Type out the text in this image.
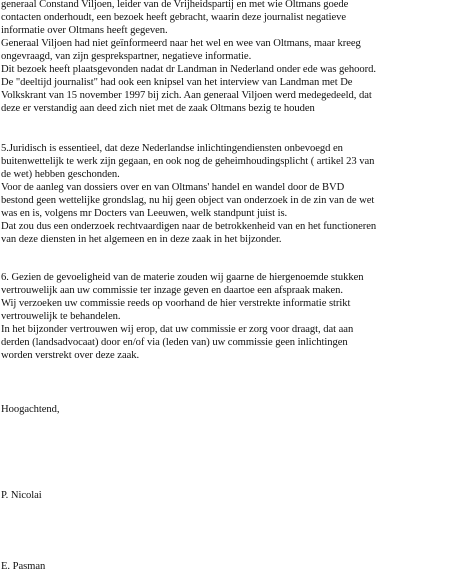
generaal Constand Viljoen, leider van de Vrijheidspartij en met wie Oltmans goede
contacten onderhoudt, een bezoek heeft gebracht, waarin deze journalist negatieve
informatie over Oltmans heeft gegeven.
Generaal Viljoen had niet geïnformeerd naar het wel en wee van Oltmans, maar kreeg
ongevraagd, van zijn gesprekspartner, negatieve informatie.
Dit bezoek heeft plaatsgevonden nadat dr Landman in Nederland onder ede was gehoord.
De "deeltijd journalist" had ook een knipsel van het interview van Landman met De
Volkskrant van 15 november 1997 bij zich. Aan generaal Viljoen werd medegedeeld, dat
deze er verstandig aan deed zich niet met de zaak Oltmans bezig te houden
5.Juridisch is essentieel, dat deze Nederlandse inlichtingendiensten onbevoegd en
buitenwettelijk te werk zijn gegaan, en ook nog de geheimhoudingsplicht ( artikel 23 van
de wet) hebben geschonden.
Voor de aanleg van dossiers over en van Oltmans' handel en wandel door de BVD
bestond geen wettelijke grondslag, nu hij geen object van onderzoek in de zin van de wet
was en is, volgens mr Docters van Leeuwen, welk standpunt juist is.
Dat zou dus een onderzoek rechtvaardigen naar de betrokkenheid van en het functioneren
van deze diensten in het algemeen en in deze zaak in het bijzonder.
6. Gezien de gevoeligheid van de materie zouden wij gaarne de hiergenoemde stukken
vertrouwelijk aan uw commissie ter inzage geven en daartoe een afspraak maken.
Wij verzoeken uw commissie reeds op voorhand de hier verstrekte informatie strikt
vertrouwelijk te behandelen.
In het bijzonder vertrouwen wij erop, dat uw commissie er zorg voor draagt, dat aan
derden (landsadvocaat) door en/of via (leden van) uw commissie geen inlichtingen
worden verstrekt over deze zaak.
Hoogachtend,
P. Nicolai
E. Pasman
